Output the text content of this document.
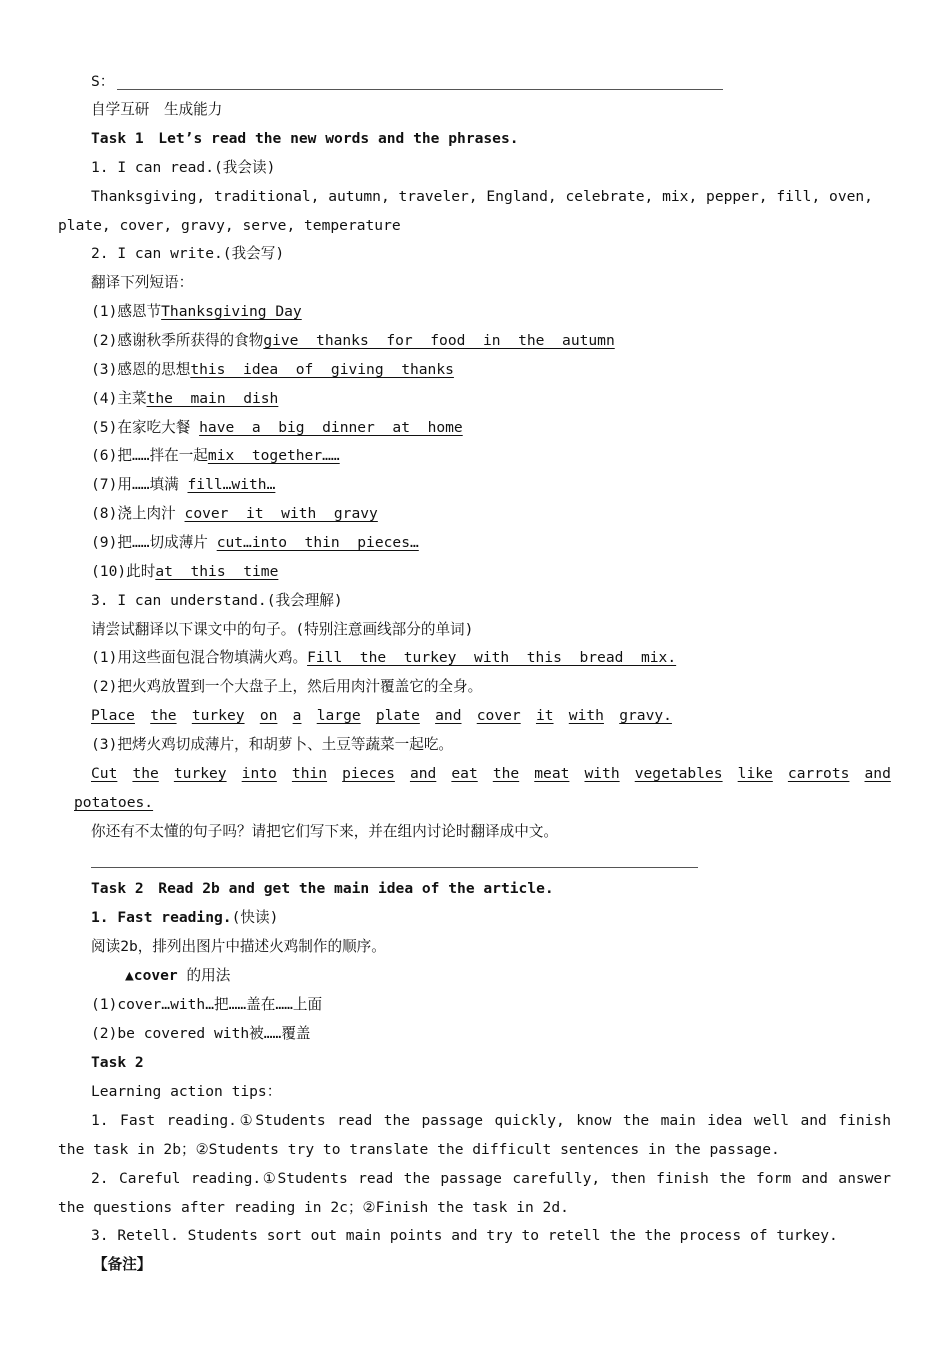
S：
自学互研　生成能力
Task 1　Let’s read the new words and the phrases.
1. I can read.(我会读)
Thanksgiving, traditional, autumn, traveler, England, celebrate, mix, pepper, fill, oven,
plate, cover, gravy, serve, temperature
2. I can write.(我会写)
翻译下列短语：
(1)感恩节Thanksgiving Day
(2)感谢秋季所获得的食物give  thanks  for  food  in  the  autumn
(3)感恩的思想this  idea  of  giving  thanks
(4)主菜the  main  dish
(5)在家吃大餐 have  a  big  dinner  at  home
(6)把……拌在一起mix  together……
(7)用……填满 fill…with…
(8)浇上肉汁 cover  it  with  gravy
(9)把……切成薄片 cut…into  thin  pieces…
(10)此时at  this  time
3. I can understand.(我会理解)
请尝试翻译以下课文中的句子。(特别注意画线部分的单词)
(1)用这些面包混合物填满火鸡。Fill  the  turkey  with  this  bread  mix.
(2)把火鸡放置到一个大盘子上，然后用肉汁覆盖它的全身。
Place the turkey on a large plate and cover it with gravy.
(3)把烤火鸡切成薄片，和胡萝卜、土豆等蔬菜一起吃。
Cut the turkey into thin pieces and eat the meat with vegetables like carrots and
potatoes.
你还有不太懂的句子吗？请把它们写下来，并在组内讨论时翻译成中文。
Task 2　Read 2b and get the main idea of the article.
1. Fast reading.(快读)
阅读2b，排列出图片中描述火鸡制作的顺序。
▲cover 的用法
(1)cover…with…把……盖在……上面
(2)be covered with被……覆盖
Task 2
Learning action tips：
1. Fast reading.①Students read the passage quickly, know the main idea well and finish  the task in 2b；②Students try to translate the difficult sentences in the passage.
2. Careful reading.①Students read the passage carefully, then finish the form and answer the questions after reading in 2c；②Finish the task in 2d.
3. Retell. Students sort out main points and try to retell the the process of turkey.
【备注】
